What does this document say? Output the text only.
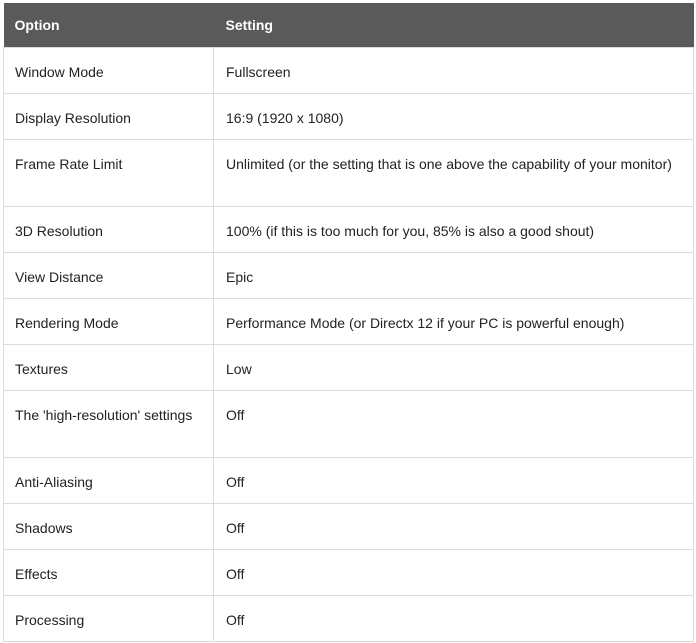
Option	Setting
Window Mode	Fullscreen
Display Resolution	16:9 (1920 x 1080)
Frame Rate Limit	Unlimited (or the setting that is one above the capability of your monitor)
3D Resolution	100% (if this is too much for you, 85% is also a good shout)
View Distance	Epic
Rendering Mode	Performance Mode (or Directx 12 if your PC is powerful enough)
Textures	Low
The 'high-resolution' settings	Off
Anti-Aliasing	Off
Shadows	Off
Effects	Off
Processing	Off
